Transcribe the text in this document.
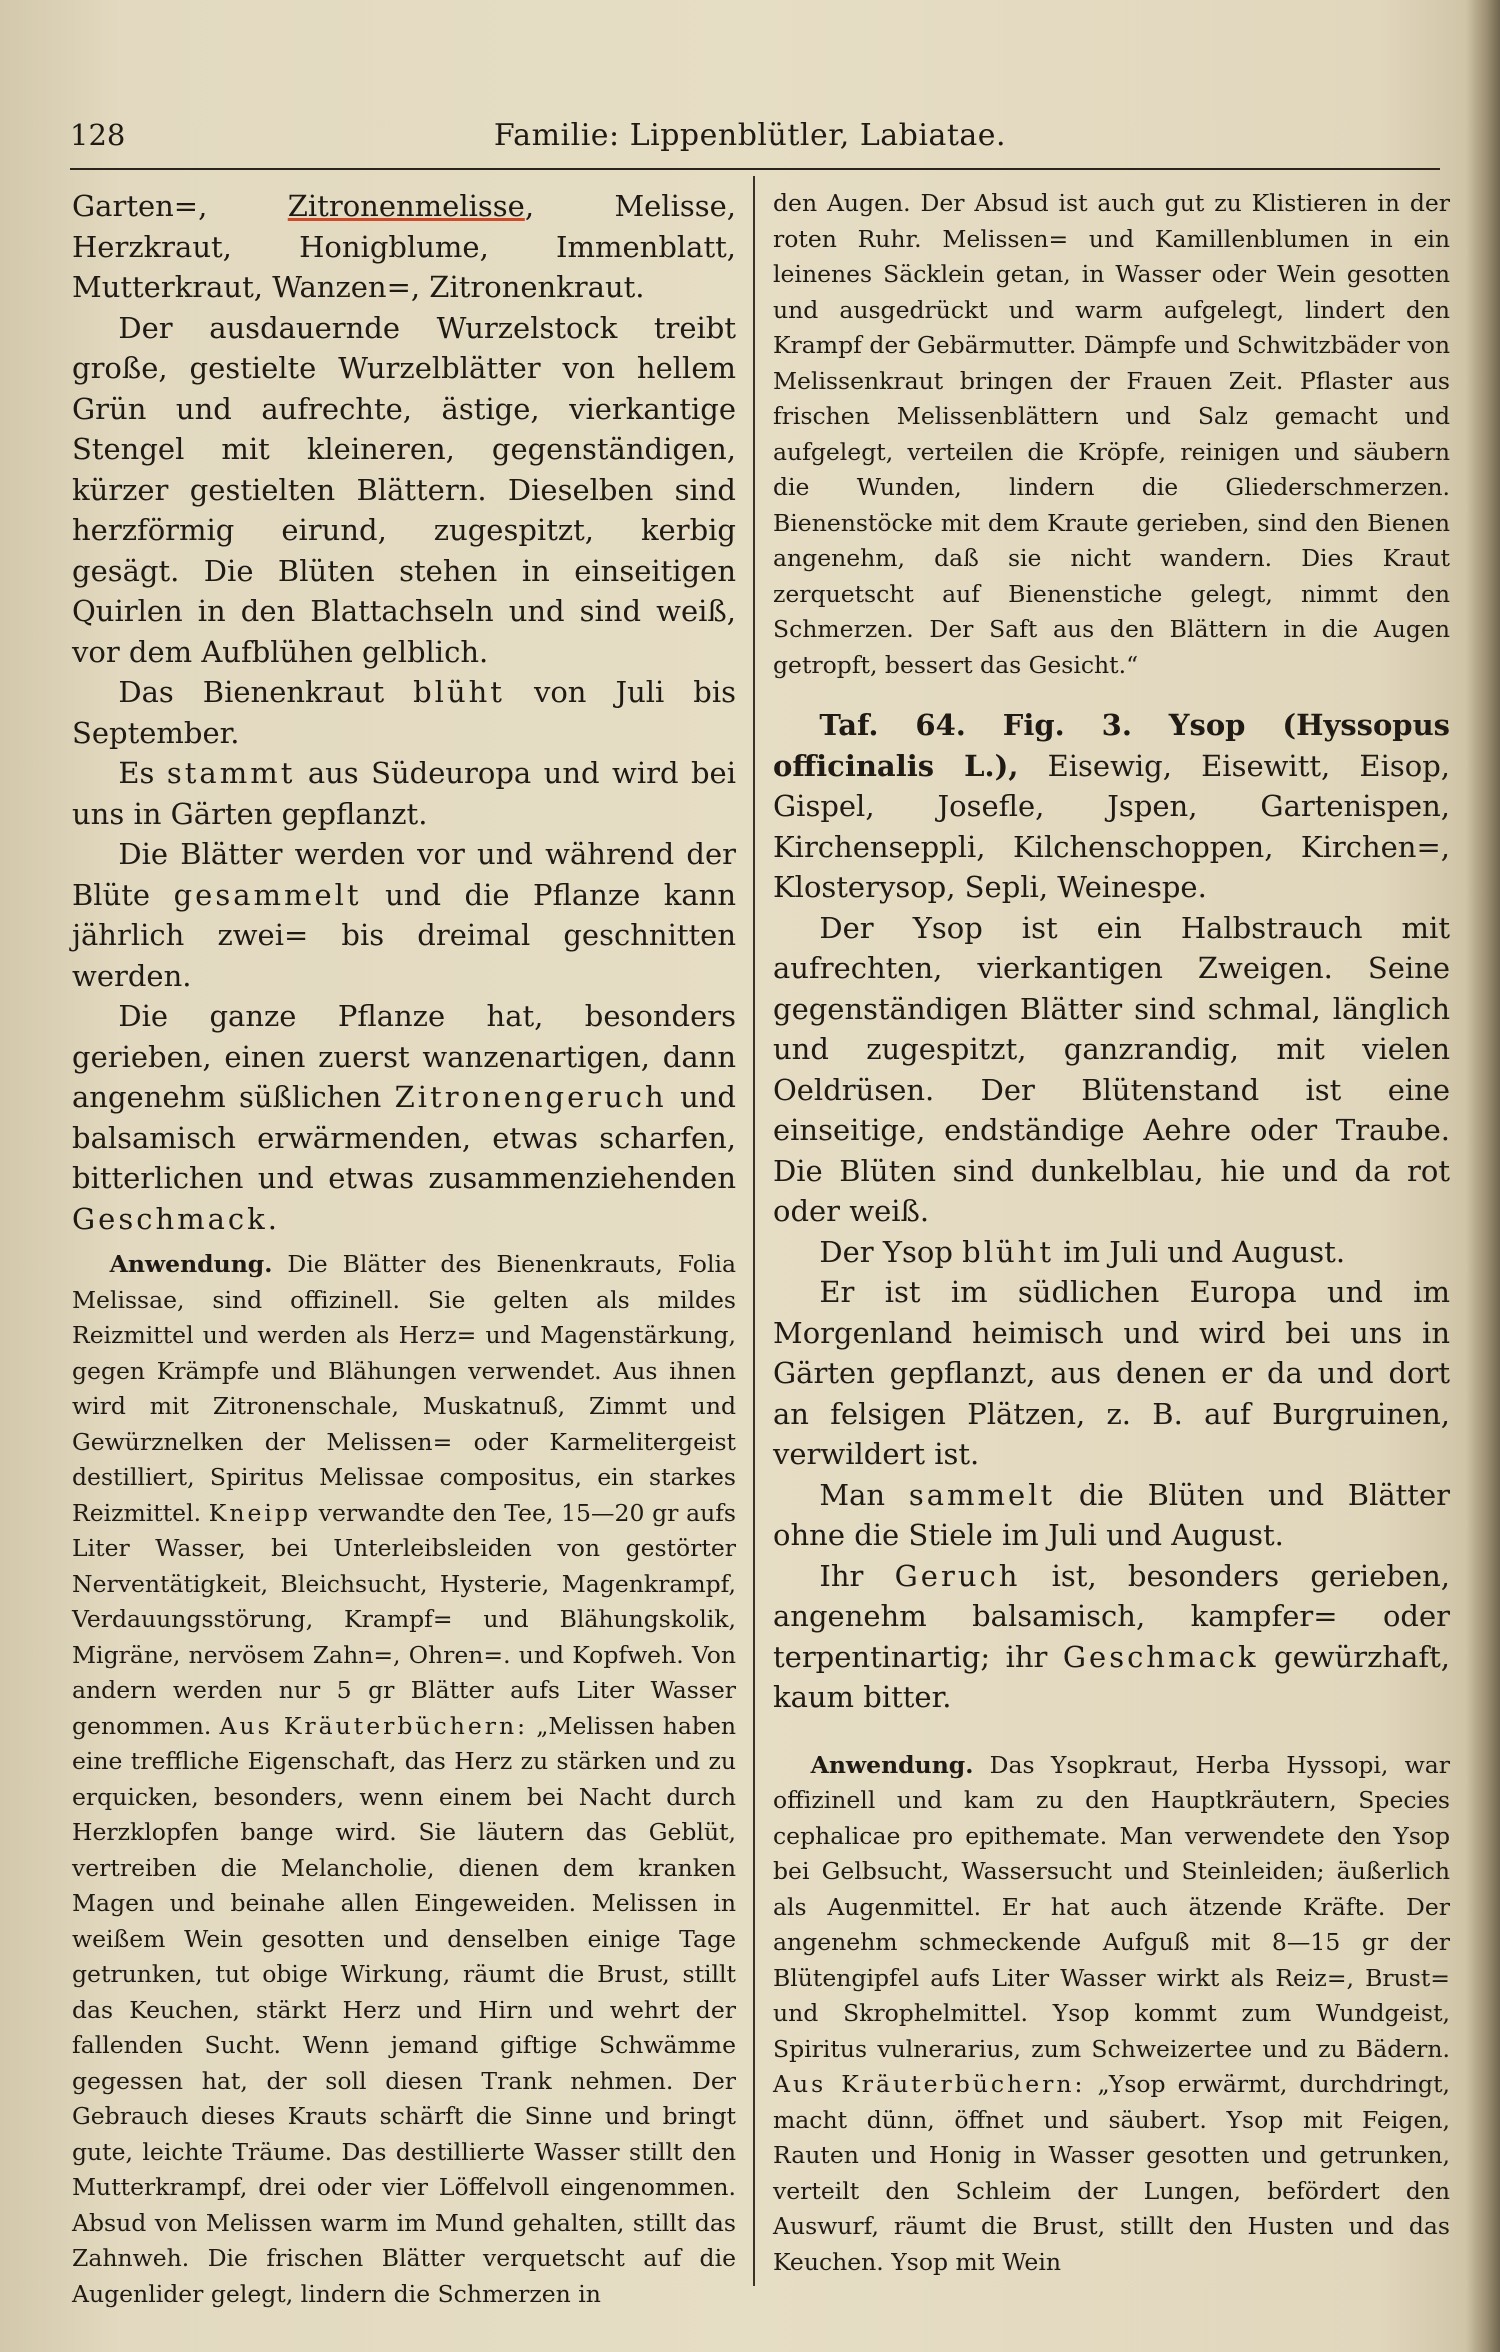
128	Familie: Lippenblütler, Labiatae.

Garten=, Zitronenmelisse, Melisse, Herzkraut, Honigblume, Immenblatt, Mutterkraut, Wanzen=, Zitronenkraut.

Der ausdauernde Wurzelstock treibt große, gestielte Wurzelblätter von hellem Grün und aufrechte, ästige, vierkantige Stengel mit kleineren, gegenständigen, kürzer gestielten Blättern. Dieselben sind herzförmig eirund, zugespitzt, kerbig gesägt. Die Blüten stehen in einseitigen Quirlen in den Blattachseln und sind weiß, vor dem Aufblühen gelblich.

Das Bienenkraut blüht von Juli bis September.

Es stammt aus Südeuropa und wird bei uns in Gärten gepflanzt.

Die Blätter werden vor und während der Blüte gesammelt und die Pflanze kann jährlich zwei= bis dreimal geschnitten werden.

Die ganze Pflanze hat, besonders gerieben, einen zuerst wanzenartigen, dann angenehm süßlichen Zitronengeruch und balsamisch erwärmenden, etwas scharfen, bitterlichen und etwas zusammenziehenden Geschmack.

Anwendung. Die Blätter des Bienenkrauts, Folia Melissae, sind offizinell. Sie gelten als mildes Reizmittel und werden als Herz= und Magenstärkung, gegen Krämpfe und Blähungen verwendet. Aus ihnen wird mit Zitronenschale, Muskatnuß, Zimmt und Gewürznelken der Melissen= oder Karmelitergeist destilliert, Spiritus Melissae compositus, ein starkes Reizmittel. Kneipp verwandte den Tee, 15—20 gr aufs Liter Wasser, bei Unterleibsleiden von gestörter Nerventätigkeit, Bleichsucht, Hysterie, Magenkrampf, Verdauungsstörung, Krampf= und Blähungskolik, Migräne, nervösem Zahn=, Ohren=. und Kopfweh. Von andern werden nur 5 gr Blätter aufs Liter Wasser genommen. Aus Kräuterbüchern: „Melissen haben eine treffliche Eigenschaft, das Herz zu stärken und zu erquicken, besonders, wenn einem bei Nacht durch Herzklopfen bange wird. Sie läutern das Geblüt, vertreiben die Melancholie, dienen dem kranken Magen und beinahe allen Eingeweiden. Melissen in weißem Wein gesotten und denselben einige Tage getrunken, tut obige Wirkung, räumt die Brust, stillt das Keuchen, stärkt Herz und Hirn und wehrt der fallenden Sucht. Wenn jemand giftige Schwämme gegessen hat, der soll diesen Trank nehmen. Der Gebrauch dieses Krauts schärft die Sinne und bringt gute, leichte Träume. Das destillierte Wasser stillt den Mutterkrampf, drei oder vier Löffelvoll eingenommen. Absud von Melissen warm im Mund gehalten, stillt das Zahnweh. Die frischen Blätter verquetscht auf die Augenlider gelegt, lindern die Schmerzen in

den Augen. Der Absud ist auch gut zu Klistieren in der roten Ruhr. Melissen= und Kamillenblumen in ein leinenes Säcklein getan, in Wasser oder Wein gesotten und ausgedrückt und warm aufgelegt, lindert den Krampf der Gebärmutter. Dämpfe und Schwitzbäder von Melissenkraut bringen der Frauen Zeit. Pflaster aus frischen Melissenblättern und Salz gemacht und aufgelegt, verteilen die Kröpfe, reinigen und säubern die Wunden, lindern die Gliederschmerzen. Bienenstöcke mit dem Kraute gerieben, sind den Bienen angenehm, daß sie nicht wandern. Dies Kraut zerquetscht auf Bienenstiche gelegt, nimmt den Schmerzen. Der Saft aus den Blättern in die Augen getropft, bessert das Gesicht.“

Taf. 64. Fig. 3. Ysop (Hyssopus officinalis L.), Eisewig, Eisewitt, Eisop, Gispel, Josefle, Jspen, Gartenispen, Kirchenseppli, Kilchenschoppen, Kirchen=, Klosterysop, Sepli, Weinespe.

Der Ysop ist ein Halbstrauch mit aufrechten, vierkantigen Zweigen. Seine gegenständigen Blätter sind schmal, länglich und zugespitzt, ganzrandig, mit vielen Oeldrüsen. Der Blütenstand ist eine einseitige, endständige Aehre oder Traube. Die Blüten sind dunkelblau, hie und da rot oder weiß.

Der Ysop blüht im Juli und August.

Er ist im südlichen Europa und im Morgenland heimisch und wird bei uns in Gärten gepflanzt, aus denen er da und dort an felsigen Plätzen, z. B. auf Burgruinen, verwildert ist.

Man sammelt die Blüten und Blätter ohne die Stiele im Juli und August.

Ihr Geruch ist, besonders gerieben, angenehm balsamisch, kampfer= oder terpentinartig; ihr Geschmack gewürzhaft, kaum bitter.

Anwendung. Das Ysopkraut, Herba Hyssopi, war offizinell und kam zu den Hauptkräutern, Species cephalicae pro epithemate. Man verwendete den Ysop bei Gelbsucht, Wassersucht und Steinleiden; äußerlich als Augenmittel. Er hat auch ätzende Kräfte. Der angenehm schmeckende Aufguß mit 8—15 gr der Blütengipfel aufs Liter Wasser wirkt als Reiz=, Brust= und Skrophelmittel. Ysop kommt zum Wundgeist, Spiritus vulnerarius, zum Schweizertee und zu Bädern. Aus Kräuterbüchern: „Ysop erwärmt, durchdringt, macht dünn, öffnet und säubert. Ysop mit Feigen, Rauten und Honig in Wasser gesotten und getrunken, verteilt den Schleim der Lungen, befördert den Auswurf, räumt die Brust, stillt den Husten und das Keuchen. Ysop mit Wein
